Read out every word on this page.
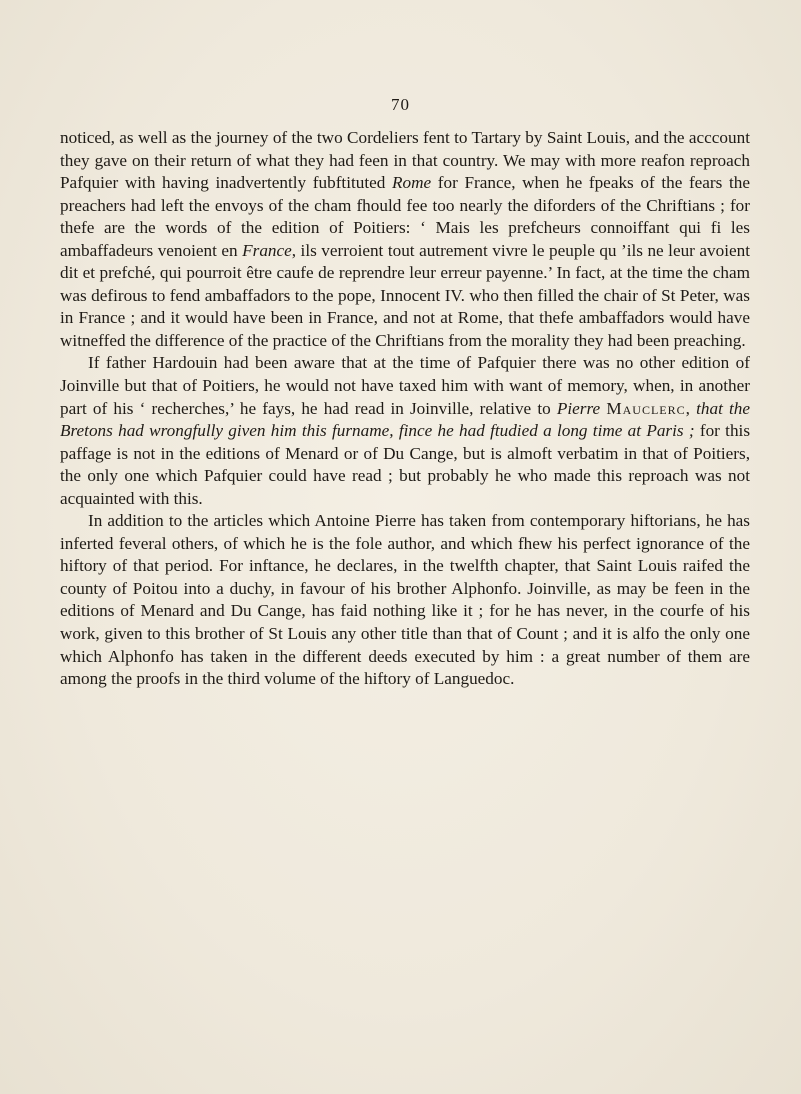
70

noticed, as well as the journey of the two Cordeliers fent to Tartary by Saint Louis, and the acccount they gave on their return of what they had feen in that country. We may with more reafon reproach Pafquier with having inadvertently fubftituted Rome for France, when he fpeaks of the fears the preachers had left the envoys of the cham fhould fee too nearly the diforders of the Chriftians ; for thefe are the words of the edition of Poitiers: ‘ Mais les prefcheurs connoiffant qui fi les ambaffadeurs venoient en France, ils verroient tout autrement vivre le peuple qu ’ils ne leur avoient dit et prefché, qui pourroit être caufe de reprendre leur erreur payenne.’ In fact, at the time the cham was defirous to fend ambaffadors to the pope, Innocent IV. who then filled the chair of St Peter, was in France ; and it would have been in France, and not at Rome, that thefe ambaffadors would have witneffed the difference of the practice of the Chriftians from the morality they had been preaching.

If father Hardouin had been aware that at the time of Pafquier there was no other edition of Joinville but that of Poitiers, he would not have taxed him with want of memory, when, in another part of his ‘ recherches,’ he fays, he had read in Joinville, relative to Pierre Mauclerc, that the Bretons had wrongfully given him this furname, fince he had ftudied a long time at Paris ; for this paffage is not in the editions of Menard or of Du Cange, but is almoft verbatim in that of Poitiers, the only one which Pafquier could have read ; but probably he who made this reproach was not acquainted with this.

In addition to the articles which Antoine Pierre has taken from contemporary hiftorians, he has inferted feveral others, of which he is the fole author, and which fhew his perfect ignorance of the hiftory of that period. For inftance, he declares, in the twelfth chapter, that Saint Louis raifed the county of Poitou into a duchy, in favour of his brother Alphonfo. Joinville, as may be feen in the editions of Menard and Du Cange, has faid nothing like it ; for he has never, in the courfe of his work, given to this brother of St Louis any other title than that of Count ; and it is alfo the only one which Alphonfo has taken in the different deeds executed by him : a great number of them are among the proofs in the third volume of the hiftory of Languedoc.
